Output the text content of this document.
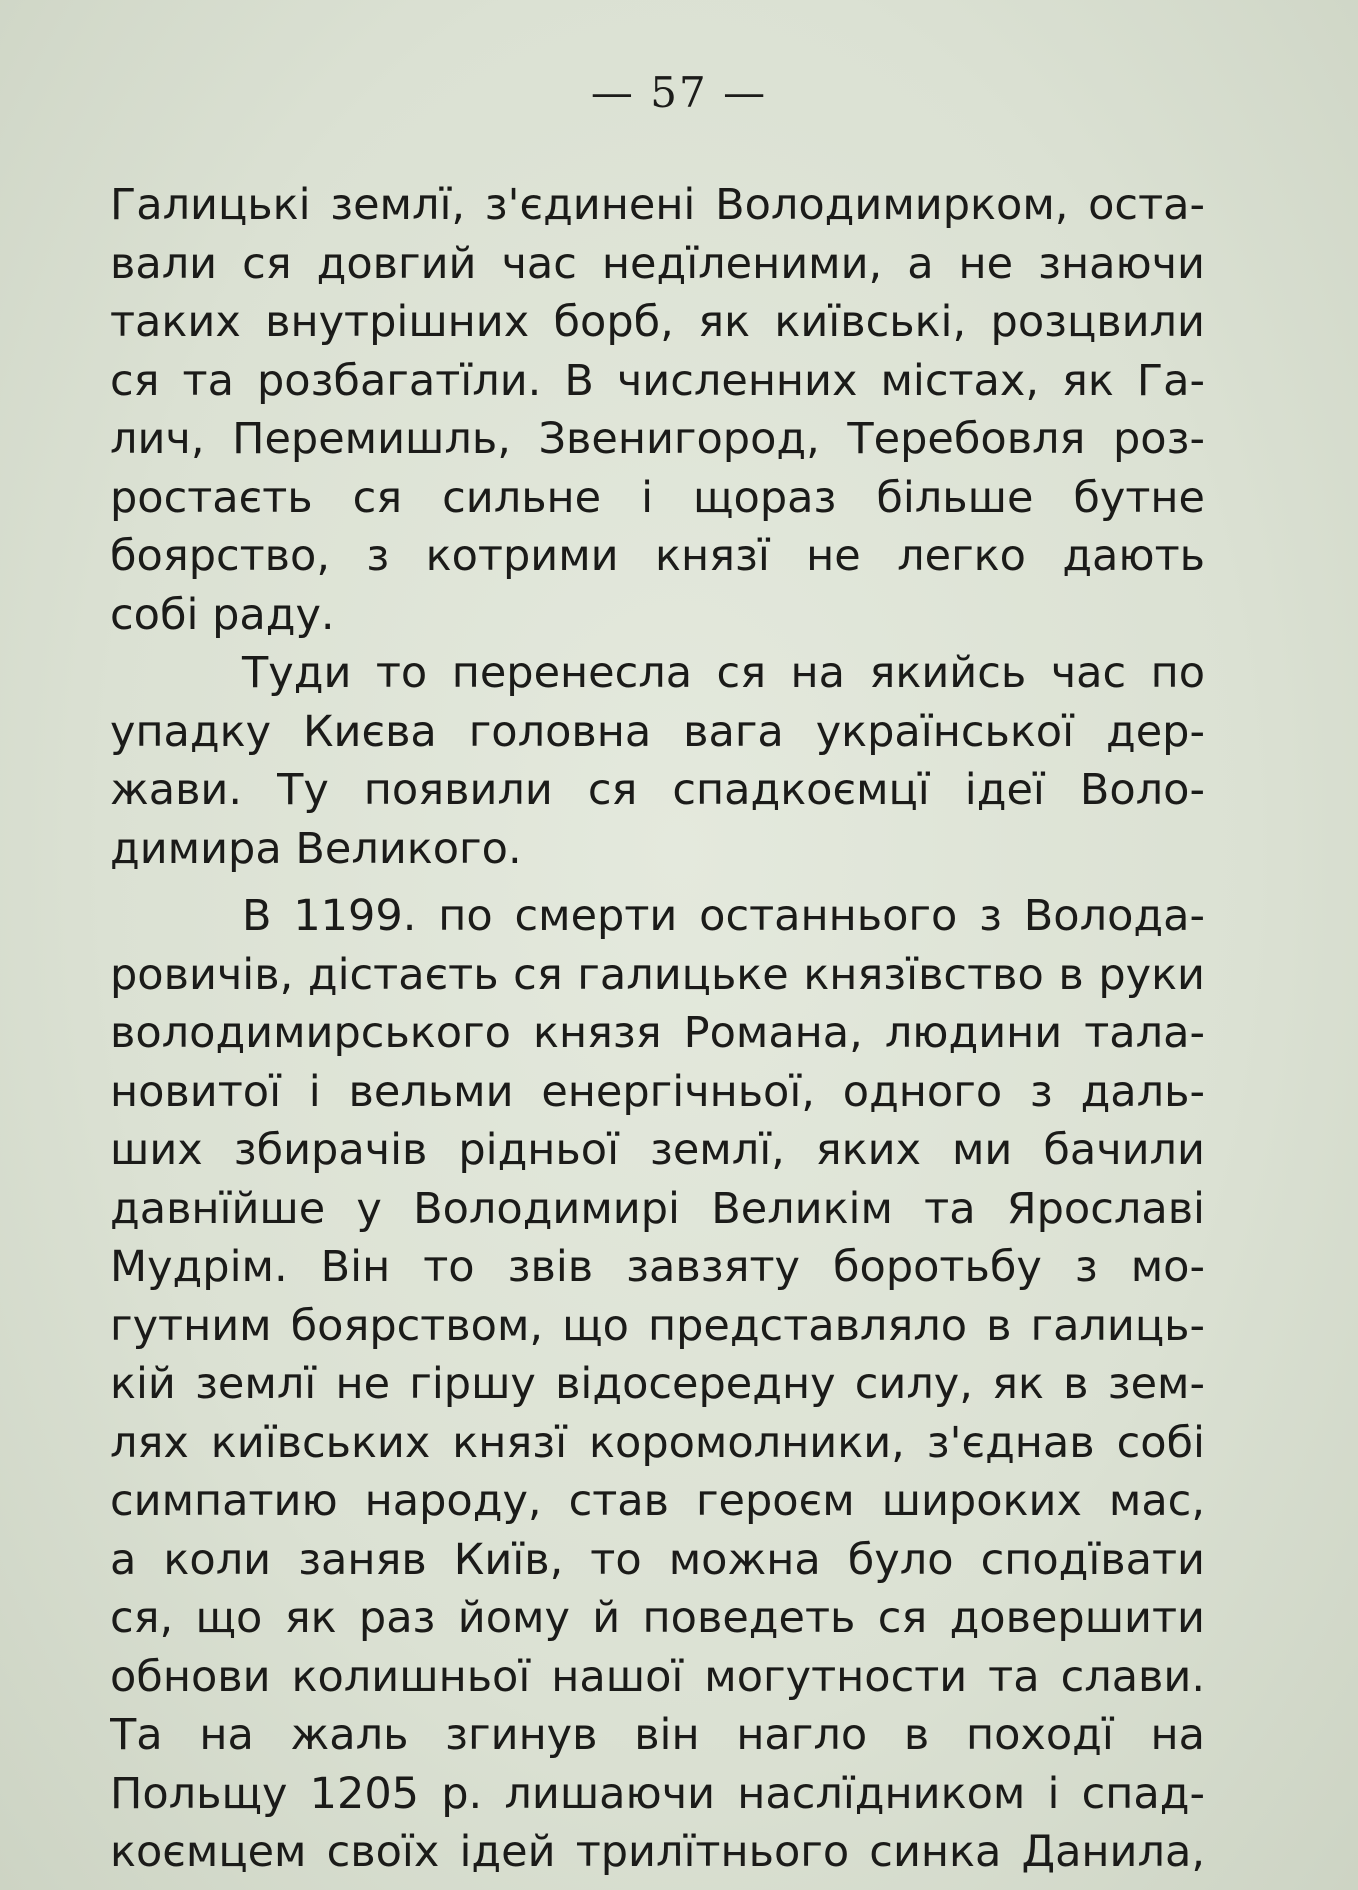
— 57 —
Галицькі землї, з'єдинені Володимирком, оста-
вали ся довгий час недїленими, а не знаючи
таких внутрішних борб, як київські, розцвили
ся та розбагатїли. В численних містах, як Га-
лич, Перемишль, Звенигород, Теребовля роз-
ростаєть ся сильне і щораз більше бутне
боярство, з котрими князї не легко дають
собі раду.
Туди то перенесла ся на якийсь час по
упадку Києва головна вага української дер-
жави. Ту появили ся спадкоємцї ідеї Воло-
димира Великого.
В 1199. по смерти останнього з Волода-
ровичів, дістаєть ся галицьке князївство в руки
володимирського князя Романа, людини тала-
новитої і вельми енергічньої, одного з даль-
ших збирачів рідньої землї, яких ми бачили
давнїйше у Володимирі Великім та Ярославі
Мудрім. Він то звів завзяту боротьбу з мо-
гутним боярством, що представляло в галиць-
кій землї не гіршу відосередну силу, як в зем-
лях київських князї коромолники, з'єднав собі
симпатию народу, став героєм широких мас,
а коли заняв Київ, то можна було сподївати
ся, що як раз йому й поведеть ся довершити
обнови колишньої нашої могутности та слави.
Та на жаль згинув він нагло в походї на
Польщу 1205 р. лишаючи наслїдником і спад-
коємцем своїх ідей трилїтнього синка Данила,
